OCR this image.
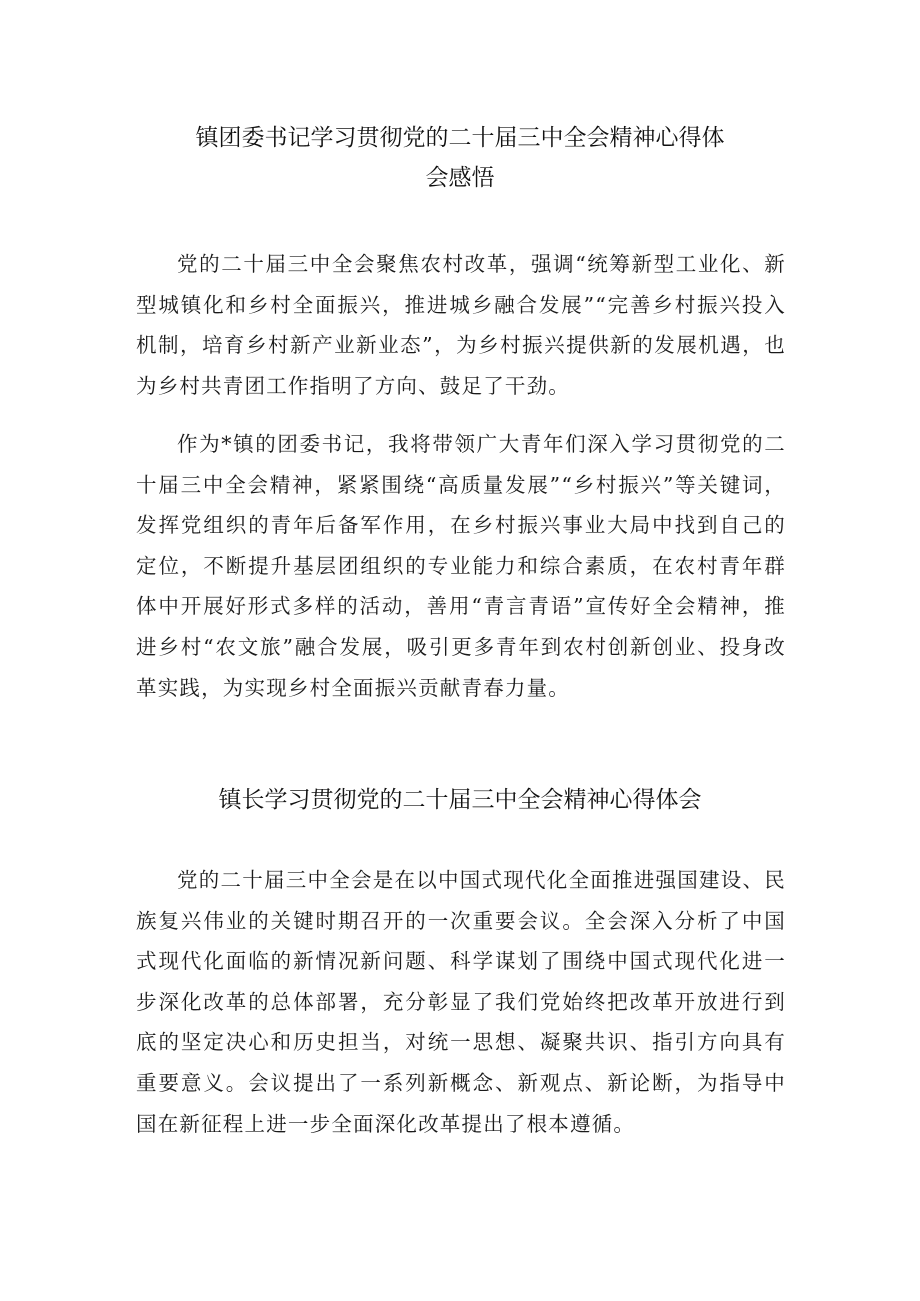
镇团委书记学习贯彻党的二十届三中全会精神心得体
会感悟

党的二十届三中全会聚焦农村改革，强调“统筹新型工业化、新型城镇化和乡村全面振兴，推进城乡融合发展”“完善乡村振兴投入机制，培育乡村新产业新业态”，为乡村振兴提供新的发展机遇，也为乡村共青团工作指明了方向、鼓足了干劲。

作为*镇的团委书记，我将带领广大青年们深入学习贯彻党的二十届三中全会精神，紧紧围绕“高质量发展”“乡村振兴”等关键词，发挥党组织的青年后备军作用，在乡村振兴事业大局中找到自己的定位，不断提升基层团组织的专业能力和综合素质，在农村青年群体中开展好形式多样的活动，善用“青言青语”宣传好全会精神，推进乡村“农文旅”融合发展，吸引更多青年到农村创新创业、投身改革实践，为实现乡村全面振兴贡献青春力量。

镇长学习贯彻党的二十届三中全会精神心得体会

党的二十届三中全会是在以中国式现代化全面推进强国建设、民族复兴伟业的关键时期召开的一次重要会议。全会深入分析了中国式现代化面临的新情况新问题、科学谋划了围绕中国式现代化进一步深化改革的总体部署，充分彰显了我们党始终把改革开放进行到底的坚定决心和历史担当，对统一思想、凝聚共识、指引方向具有重要意义。会议提出了一系列新概念、新观点、新论断，为指导中国在新征程上进一步全面深化改革提出了根本遵循。
